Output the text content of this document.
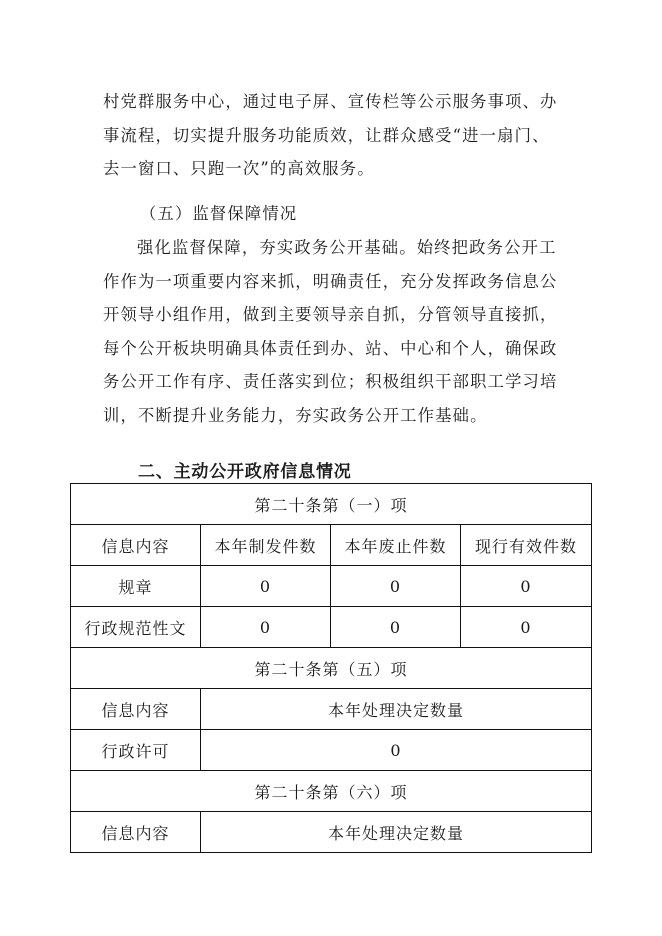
村党群服务中心，通过电子屏、宣传栏等公示服务事项、办
事流程，切实提升服务功能质效，让群众感受“进一扇门、
去一窗口、只跑一次”的高效服务。
（五）监督保障情况
强化监督保障，夯实政务公开基础。始终把政务公开工
作作为一项重要内容来抓，明确责任，充分发挥政务信息公
开领导小组作用，做到主要领导亲自抓，分管领导直接抓，
每个公开板块明确具体责任到办、站、中心和个人，确保政
务公开工作有序、责任落实到位；积极组织干部职工学习培
训，不断提升业务能力，夯实政务公开工作基础。
二、主动公开政府信息情况
第二十条第（一）项			
信息内容	本年制发件数	本年废止件数	现行有效件数
规章	0	0	0
行政规范性文	0	0	0
第二十条第（五）项			
信息内容	本年处理决定数量		
行政许可	0		
第二十条第（六）项			
信息内容	本年处理决定数量		
